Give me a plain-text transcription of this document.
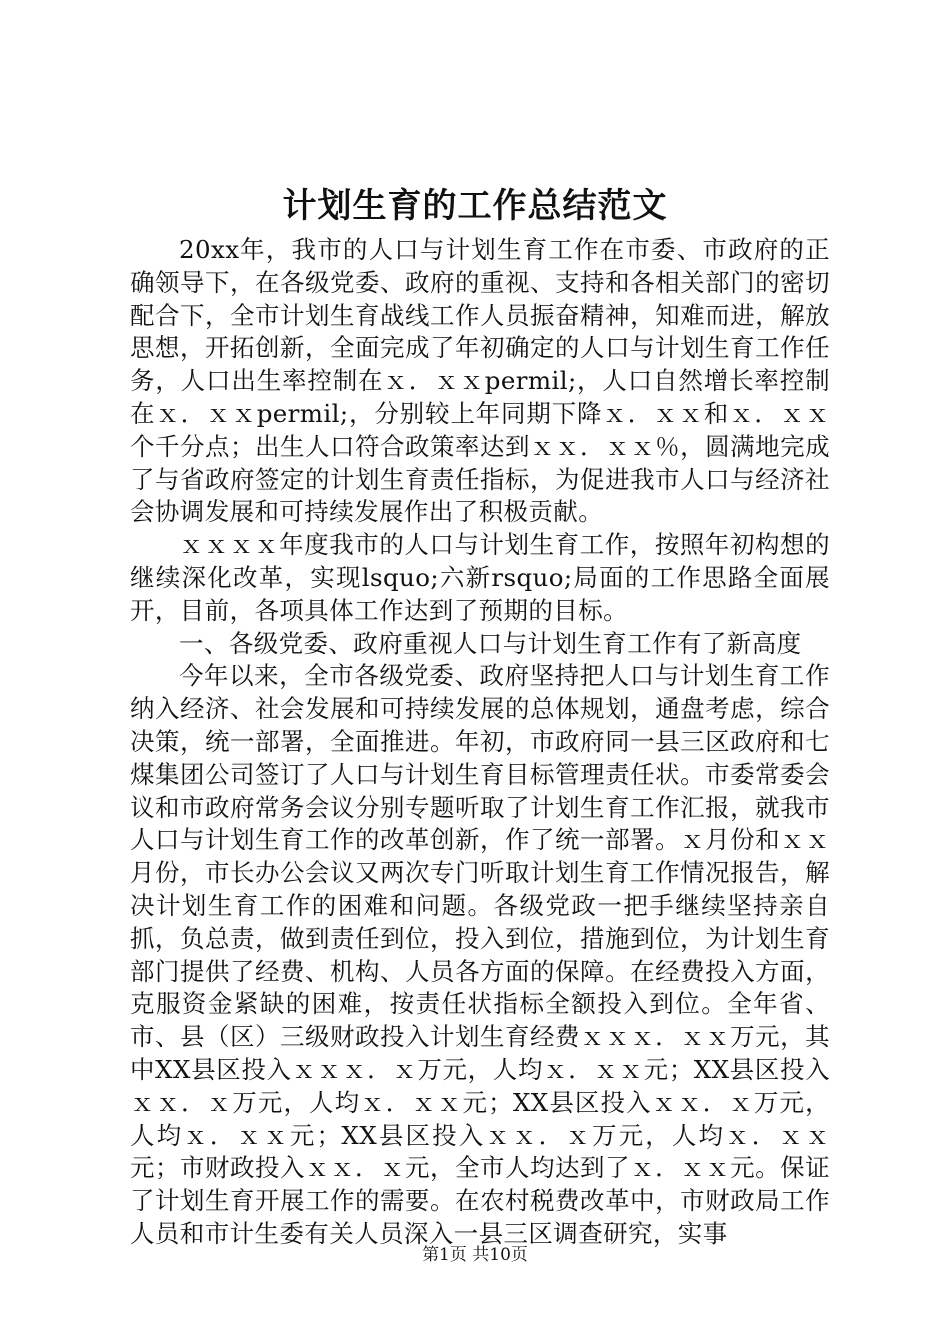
计划生育的工作总结范文

20xx年，我市的人口与计划生育工作在市委、市政府的正确领导下，在各级党委、政府的重视、支持和各相关部门的密切配合下，全市计划生育战线工作人员振奋精神，知难而进，解放思想，开拓创新，全面完成了年初确定的人口与计划生育工作任务，人口出生率控制在ｘ．ｘｘpermil;，人口自然增长率控制在ｘ．ｘｘpermil;，分别较上年同期下降ｘ．ｘｘ和ｘ．ｘｘ个千分点；出生人口符合政策率达到ｘｘ．ｘｘ％，圆满地完成了与省政府签定的计划生育责任指标，为促进我市人口与经济社会协调发展和可持续发展作出了积极贡献。

ｘｘｘｘ年度我市的人口与计划生育工作，按照年初构想的继续深化改革，实现lsquo;六新rsquo;局面的工作思路全面展开，目前，各项具体工作达到了预期的目标。

一、各级党委、政府重视人口与计划生育工作有了新高度

今年以来，全市各级党委、政府坚持把人口与计划生育工作纳入经济、社会发展和可持续发展的总体规划，通盘考虑，综合决策，统一部署，全面推进。年初，市政府同一县三区政府和七煤集团公司签订了人口与计划生育目标管理责任状。市委常委会议和市政府常务会议分别专题听取了计划生育工作汇报，就我市人口与计划生育工作的改革创新，作了统一部署。ｘ月份和ｘｘ月份，市长办公会议又两次专门听取计划生育工作情况报告，解决计划生育工作的困难和问题。各级党政一把手继续坚持亲自抓，负总责，做到责任到位，投入到位，措施到位，为计划生育部门提供了经费、机构、人员各方面的保障。在经费投入方面，克服资金紧缺的困难，按责任状指标全额投入到位。全年省、市、县（区）三级财政投入计划生育经费ｘｘｘ．ｘｘ万元，其中XX县区投入ｘｘｘ．ｘ万元，人均ｘ．ｘｘ元；XX县区投入ｘｘ．ｘ万元，人均ｘ．ｘｘ元；XX县区投入ｘｘ．ｘ万元，人均ｘ．ｘｘ元；XX县区投入ｘｘ．ｘ万元，人均ｘ．ｘｘ元；市财政投入ｘｘ．ｘ元，全市人均达到了ｘ．ｘｘ元。保证了计划生育开展工作的需要。在农村税费改革中，市财政局工作人员和市计生委有关人员深入一县三区调查研究，实事

第1页 共10页
